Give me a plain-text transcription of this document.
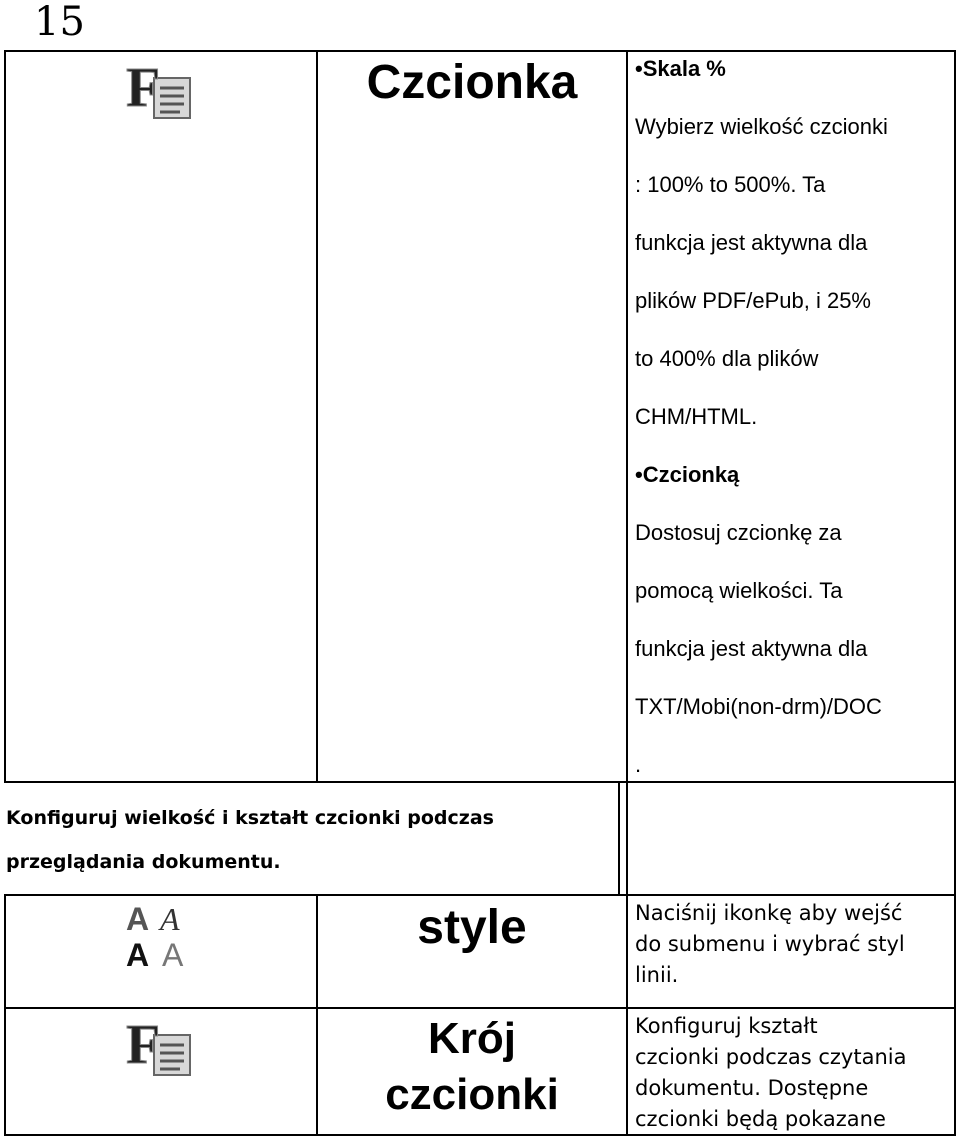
15
F	Czcionka
•	Skala %
Wybierz wielkość czcionki
: 100% to 500%. Ta
funkcja jest aktywna dla
plików PDF/ePub, i 25%
to 400% dla plików
CHM/HTML.
• Czcionką
Dostosuj czcionkę za
pomocą wielkości. Ta
funkcja jest aktywna dla
TXT/Mobi(non-drm)/DOC
.
Konfiguruj wielkość i kształt czcionki podczas
przeglądania dokumentu.
A A
A A
style	Naciśnij ikonkę aby wejść
do submenu i wybrać styl
linii.
F	Krój
czcionki
Konfiguruj kształt
czcionki podczas czytania
dokumentu. Dostępne
czcionki będą pokazane
